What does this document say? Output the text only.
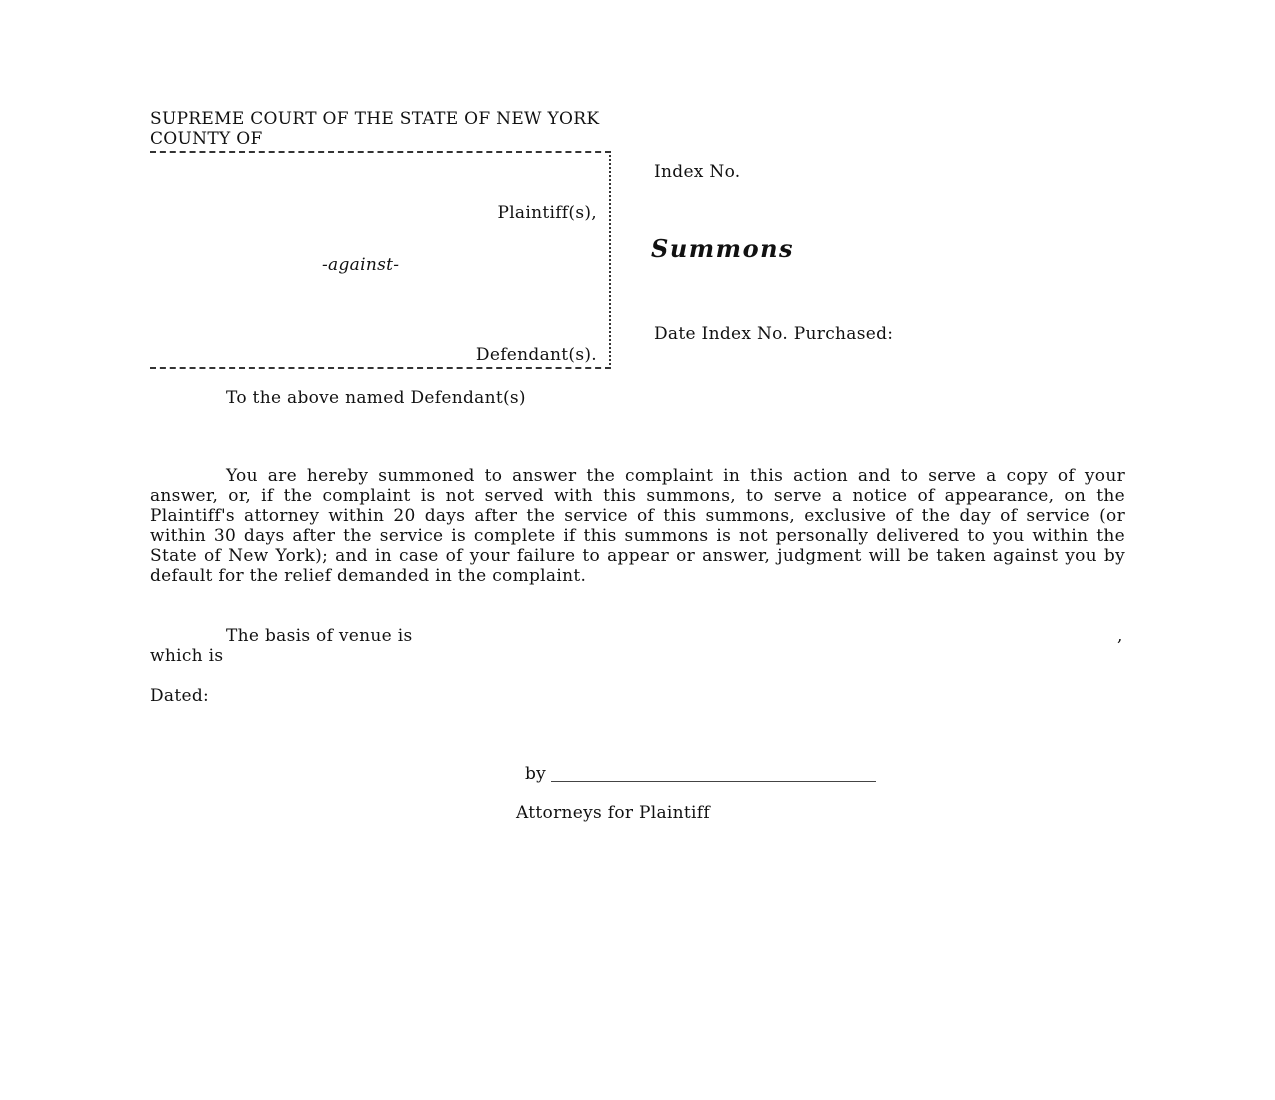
SUPREME COURT OF THE STATE OF NEW YORK
COUNTY OF
Plaintiff(s),
-against-
Defendant(s).
Index No.
Summons
Date Index No. Purchased:
To the above named Defendant(s)

You are hereby summoned to answer the complaint in this action and to serve a copy of your answer, or, if the complaint is not served with this summons, to serve a notice of appearance, on the Plaintiff's attorney within 20 days after the service of this summons, exclusive of the day of service (or within 30 days after the service is complete if this summons is not personally delivered to you within the State of New York); and in case of your failure to appear or answer, judgment will be taken against you by default for the relief demanded in the complaint.

The basis of venue is	,
which is
Dated:
by
Attorneys for Plaintiff
